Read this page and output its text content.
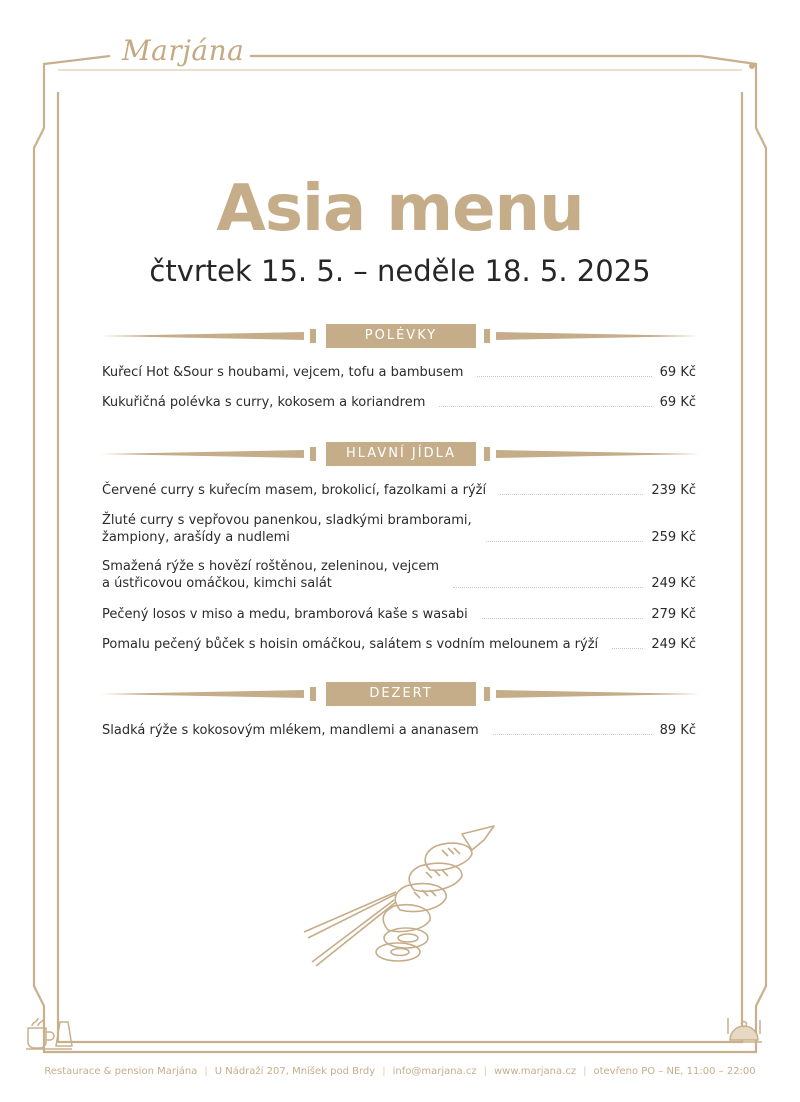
Marjána
Asia menu
čtvrtek 15. 5. – neděle 18. 5. 2025
POLÉVKY
Kuřecí Hot &Sour s houbami, vejcem, tofu a bambusem	69 Kč
Kukuřičná polévka s curry, kokosem a koriandrem	69 Kč
HLAVNÍ JÍDLA
Červené curry s kuřecím masem, brokolicí, fazolkami a rýží	239 Kč
Žluté curry s vepřovou panenkou, sladkými bramborami,
žampiony, arašídy a nudlemi	259 Kč
Smažená rýže s hovězí roštěnou, zeleninou, vejcem
a ústřicovou omáčkou, kimchi salát	249 Kč
Pečený losos v miso a medu, bramborová kaše s wasabi	279 Kč
Pomalu pečený bůček s hoisin omáčkou, salátem s vodním melounem a rýží	249 Kč
DEZERT
Sladká rýže s kokosovým mlékem, mandlemi a ananasem	89 Kč
Restaurace & pension Marjána | U Nádraží 207, Mníšek pod Brdy | info@marjana.cz | www.marjana.cz | otevřeno PO – NE, 11:00 – 22:00
